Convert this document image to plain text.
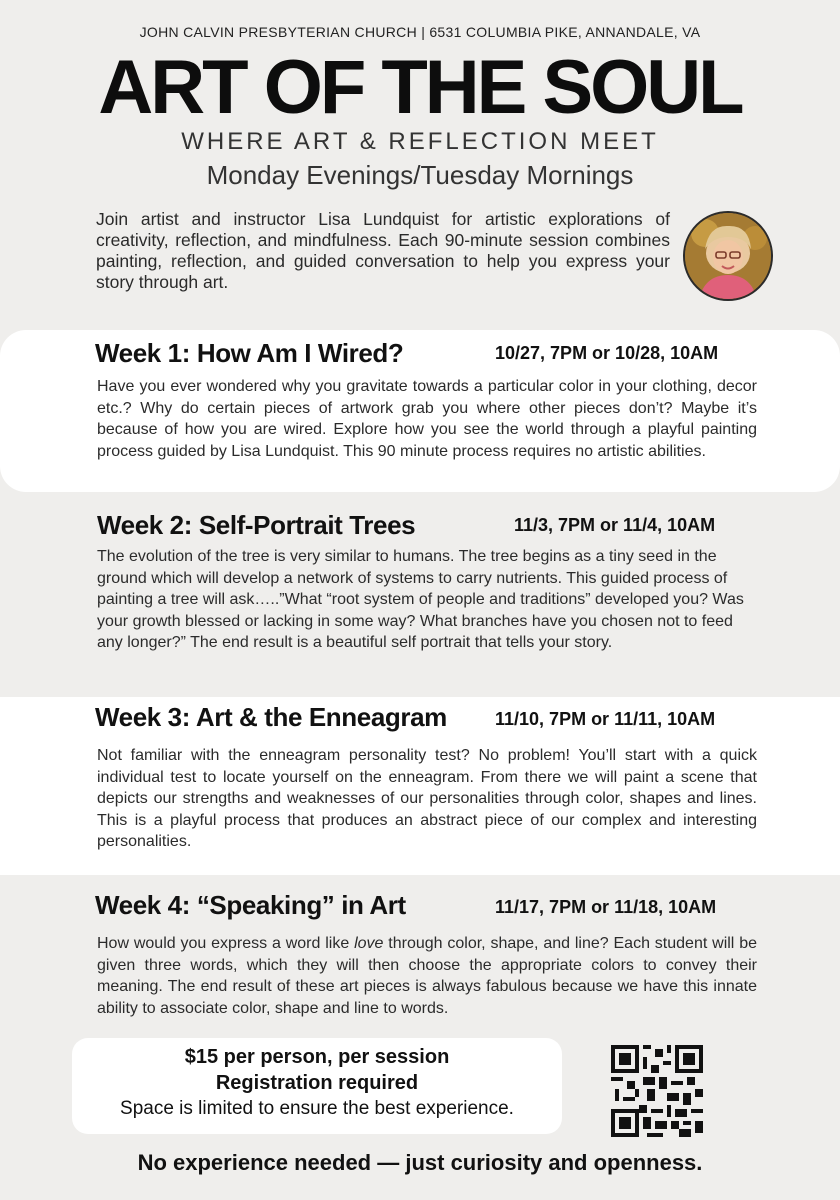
JOHN CALVIN PRESBYTERIAN CHURCH | 6531 COLUMBIA PIKE, ANNANDALE, VA
ART OF THE SOUL
WHERE ART & REFLECTION MEET
Monday Evenings/Tuesday Mornings
Join artist and instructor Lisa Lundquist for artistic explorations of creativity, reflection, and mindfulness. Each 90-minute session combines painting, reflection, and guided conversation to help you express your story through art.
Week 1: How Am I Wired?	10/27, 7PM or 10/28, 10AM
Have you ever wondered why you gravitate towards a particular color in your clothing, decor etc.? Why do certain pieces of artwork grab you where other pieces don’t? Maybe it’s because of how you are wired. Explore how you see the world through a playful painting process guided by Lisa Lundquist. This 90 minute process requires no artistic abilities.
Week 2: Self-Portrait Trees	11/3, 7PM or 11/4, 10AM
The evolution of the tree is very similar to humans. The tree begins as a tiny seed in the ground which will develop a network of systems to carry nutrients. This guided process of painting a tree will ask…..”What “root system of people and traditions” developed you? Was your growth blessed or lacking in some way? What branches have you chosen not to feed any longer?” The end result is a beautiful self portrait that tells your story.
Week 3: Art & the Enneagram	11/10, 7PM or 11/11, 10AM
Not familiar with the enneagram personality test? No problem! You’ll start with a quick individual test to locate yourself on the enneagram. From there we will paint a scene that depicts our strengths and weaknesses of our personalities through color, shapes and lines. This is a playful process that produces an abstract piece of our complex and interesting personalities.
Week 4: “Speaking” in Art	11/17, 7PM or 11/18, 10AM
How would you express a word like love through color, shape, and line? Each student will be given three words, which they will then choose the appropriate colors to convey their meaning. The end result of these art pieces is always fabulous because we have this innate ability to associate color, shape and line to words.
$15 per person, per session
Registration required
Space is limited to ensure the best experience.
No experience needed — just curiosity and openness.
